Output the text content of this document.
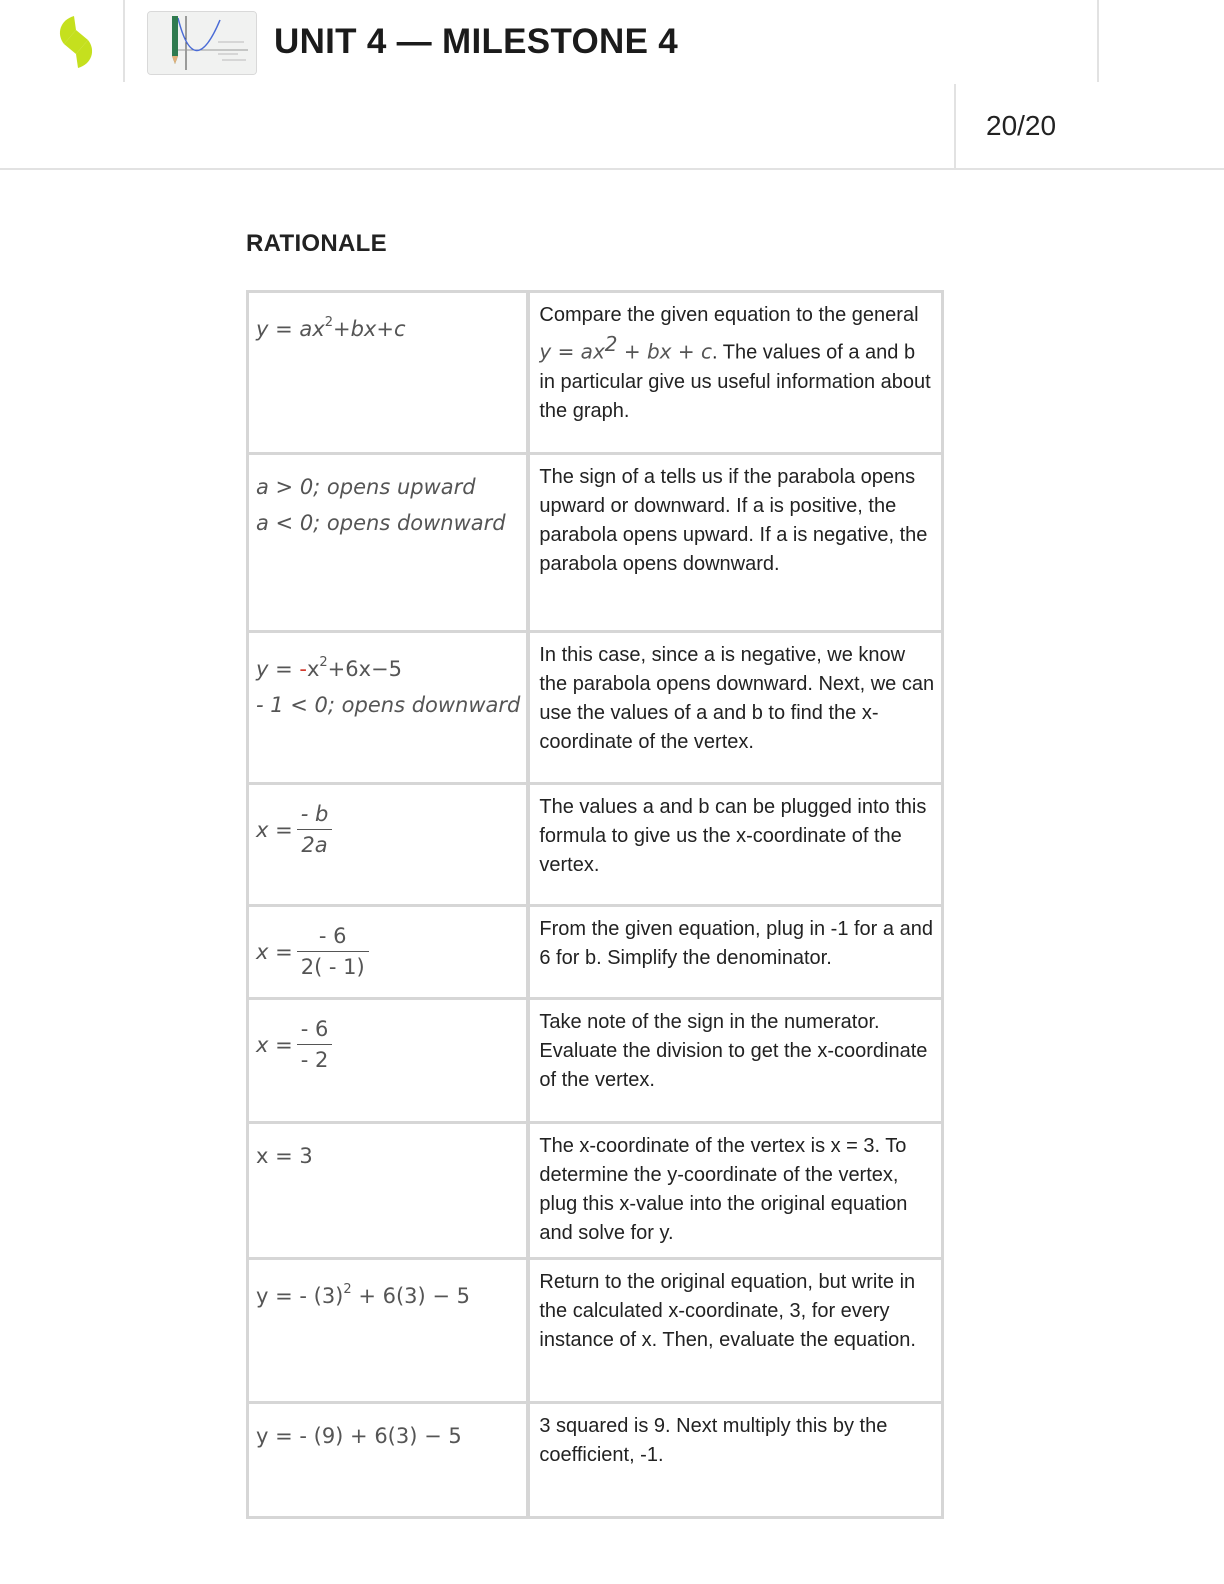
UNIT 4 — MILESTONE 4
20/20
RATIONALE
$y = ax^2+bx+c$	Compare the given equation to the general $y = ax^2$ + bx + c. The values of a and b in particular give us useful information about the graph.

a > 0; opens upward
a < 0; opens downward	The sign of a tells us if the parabola opens upward or downward. If a is positive, the parabola opens upward. If a is negative, the parabola opens downward.

$y = -x^2+6x-5$
- 1 < 0; opens downward	In this case, since a is negative, we know the parabola opens downward. Next, we can use the values of a and b to find the x-coordinate of the vertex.

$x = \frac{- b}{2a}$	The values a and b can be plugged into this formula to give us the x-coordinate of the vertex.

$x = \frac{- 6}{2( - 1)}$	From the given equation, plug in -1 for a and 6 for b. Simplify the denominator.

$x = \frac{- 6}{- 2}$	Take note of the sign in the numerator. Evaluate the division to get the x-coordinate of the vertex.

x = 3	The x-coordinate of the vertex is x = 3. To determine the y-coordinate of the vertex, plug this x-value into the original equation and solve for y.

y = - $(3)^2 + 6(3) - 5$	Return to the original equation, but write in the calculated x-coordinate, 3, for every instance of x. Then, evaluate the equation.

y = - (9) + 6(3) − 5	3 squared is 9. Next multiply this by the coefficient, -1.
